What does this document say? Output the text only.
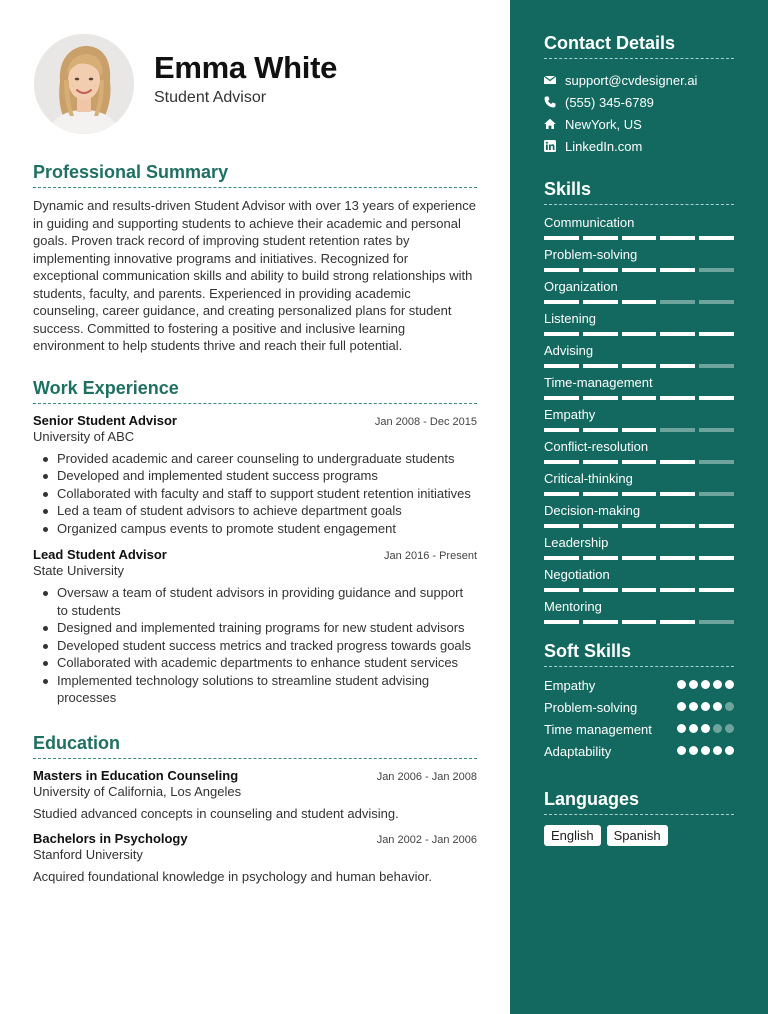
Emma White
Student Advisor
Professional Summary

Dynamic and results-driven Student Advisor with over 13 years of experience in guiding and supporting students to achieve their academic and personal goals. Proven track record of improving student retention rates by implementing innovative programs and initiatives. Recognized for exceptional communication skills and ability to build strong relationships with students, faculty, and parents. Experienced in providing academic counseling, career guidance, and creating personalized plans for student success. Committed to fostering a positive and inclusive learning environment to help students thrive and reach their full potential.

Work Experience
Senior Student Advisor	Jan 2008 - Dec 2015
University of ABC
Provided academic and career counseling to undergraduate students
Developed and implemented student success programs
Collaborated with faculty and staff to support student retention initiatives
Led a team of student advisors to achieve department goals
Organized campus events to promote student engagement
Lead Student Advisor	Jan 2016 - Present
State University
Oversaw a team of student advisors in providing guidance and support to students
Designed and implemented training programs for new student advisors
Developed student success metrics and tracked progress towards goals
Collaborated with academic departments to enhance student services
Implemented technology solutions to streamline student advising processes
Education
Masters in Education Counseling	Jan 2006 - Jan 2008
University of California, Los Angeles
Studied advanced concepts in counseling and student advising.
Bachelors in Psychology	Jan 2002 - Jan 2006
Stanford University
Acquired foundational knowledge in psychology and human behavior.
Contact Details
support@cvdesigner.ai
(555) 345-6789
NewYork, US
LinkedIn.com
Skills
Communication
Problem-solving
Organization
Listening
Advising
Time-management
Empathy
Conflict-resolution
Critical-thinking
Decision-making
Leadership
Negotiation
Mentoring
Soft Skills
Empathy
Problem-solving
Time management
Adaptability
Languages
English	Spanish
